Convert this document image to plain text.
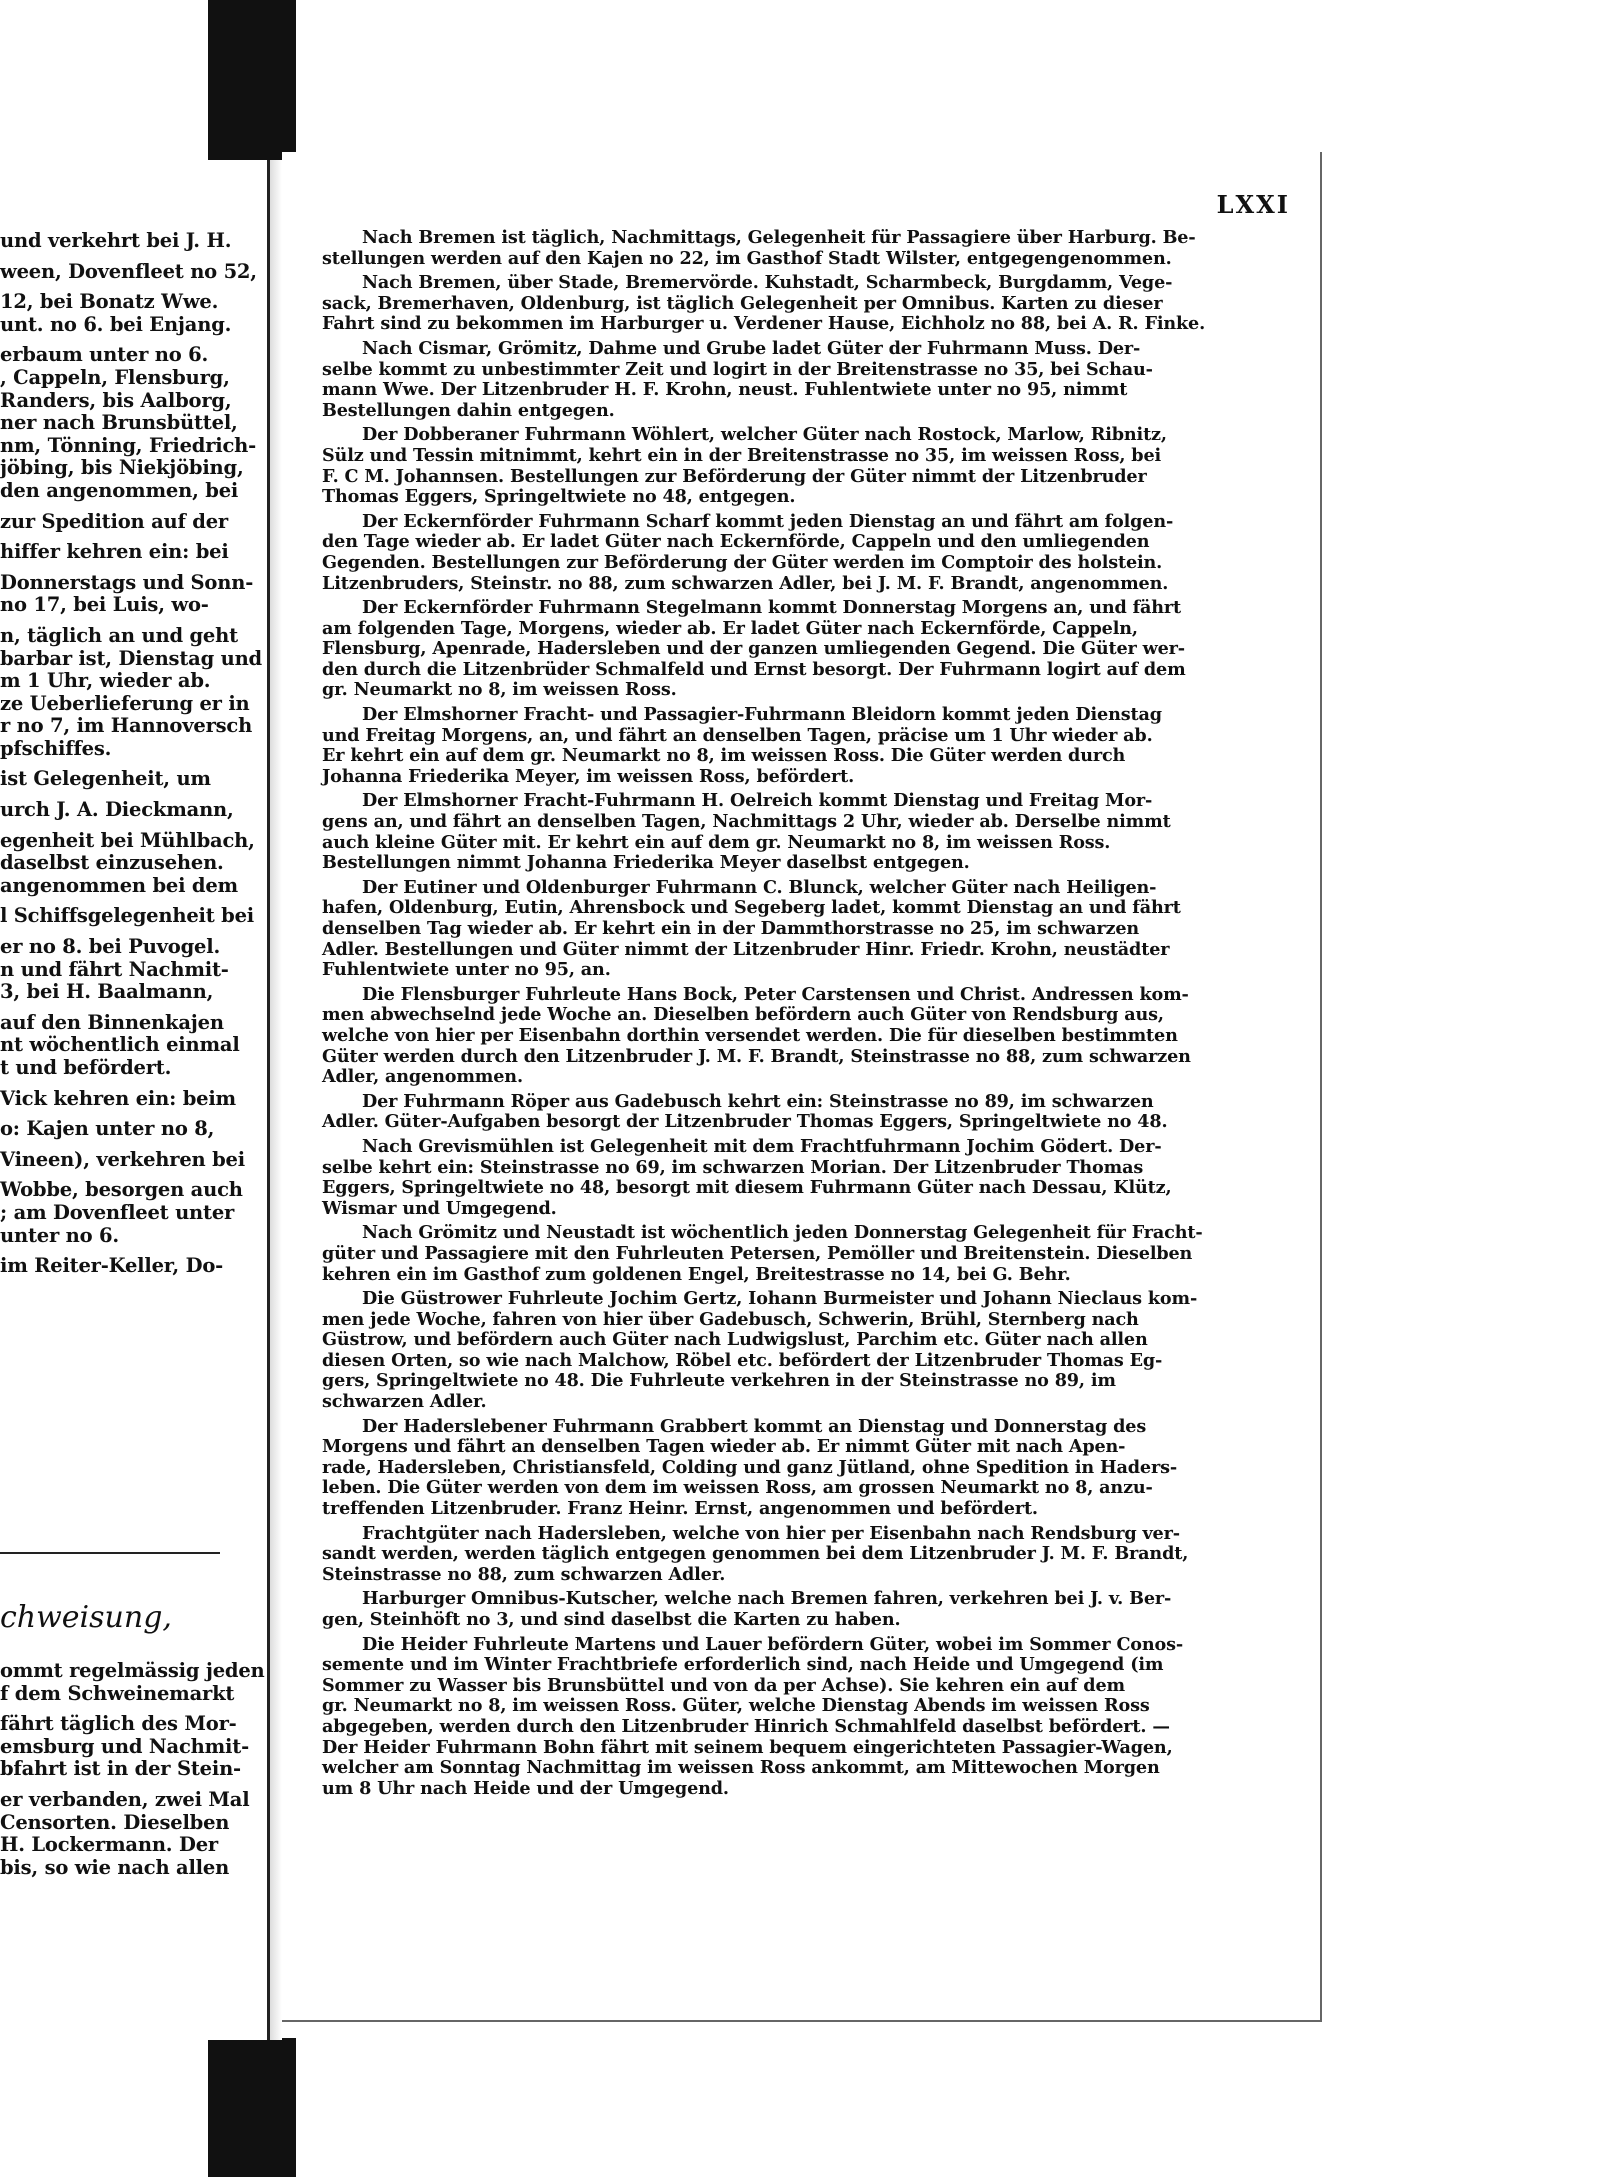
und verkehrt bei J. H.
ween, Dovenfleet no 52,
12, bei Bonatz Wwe.
unt. no 6. bei Enjang.
erbaum unter no 6.
, Cappeln, Flensburg,
Randers, bis Aalborg,
ner nach Brunsbüttel,
nm, Tönning, Friedrich-
jöbing, bis Niekjöbing,
den angenommen, bei
zur Spedition auf der
hiffer kehren ein: bei
Donnerstags und Sonn-
no 17, bei Luis, wo-
n, täglich an und geht
barbar ist, Dienstag und
m 1 Uhr, wieder ab.
ze Ueberlieferung er in
r no 7, im Hannoversch
pfschiffes.
ist Gelegenheit, um
urch J. A. Dieckmann,
egenheit bei Mühlbach,
daselbst einzusehen.
angenommen bei dem
l Schiffsgelegenheit bei
er no 8. bei Puvogel.
n und fährt Nachmit-
3, bei H. Baalmann,
auf den Binnenkajen
nt wöchentlich einmal
t und befördert.
Vick kehren ein: beim
o: Kajen unter no 8,
Vineen), verkehren bei
Wobbe, besorgen auch
; am Dovenfleet unter
unter no 6.
im Reiter-Keller, Do-
chweisung,
ommt regelmässig jeden
f dem Schweinemarkt
fährt täglich des Mor-
emsburg und Nachmit-
bfahrt ist in der Stein-
er verbanden, zwei Mal
Censorten. Dieselben
H. Lockermann. Der
bis, so wie nach allen
LXXI
Nach Bremen ist täglich, Nachmittags, Gelegenheit für Passagiere über Harburg. Be-
stellungen werden auf den Kajen no 22, im Gasthof Stadt Wilster, entgegengenommen.
Nach Bremen, über Stade, Bremervörde. Kuhstadt, Scharmbeck, Burgdamm, Vege-
sack, Bremerhaven, Oldenburg, ist täglich Gelegenheit per Omnibus. Karten zu dieser
Fahrt sind zu bekommen im Harburger u. Verdener Hause, Eichholz no 88, bei A. R. Finke.
Nach Cismar, Grömitz, Dahme und Grube ladet Güter der Fuhrmann Muss. Der-
selbe kommt zu unbestimmter Zeit und logirt in der Breitenstrasse no 35, bei Schau-
mann Wwe. Der Litzenbruder H. F. Krohn, neust. Fuhlentwiete unter no 95, nimmt
Bestellungen dahin entgegen.
Der Dobberaner Fuhrmann Wöhlert, welcher Güter nach Rostock, Marlow, Ribnitz,
Sülz und Tessin mitnimmt, kehrt ein in der Breitenstrasse no 35, im weissen Ross, bei
F. C M. Johannsen. Bestellungen zur Beförderung der Güter nimmt der Litzenbruder
Thomas Eggers, Springeltwiete no 48, entgegen.
Der Eckernförder Fuhrmann Scharf kommt jeden Dienstag an und fährt am folgen-
den Tage wieder ab. Er ladet Güter nach Eckernförde, Cappeln und den umliegenden
Gegenden. Bestellungen zur Beförderung der Güter werden im Comptoir des holstein.
Litzenbruders, Steinstr. no 88, zum schwarzen Adler, bei J. M. F. Brandt, angenommen.
Der Eckernförder Fuhrmann Stegelmann kommt Donnerstag Morgens an, und fährt
am folgenden Tage, Morgens, wieder ab. Er ladet Güter nach Eckernförde, Cappeln,
Flensburg, Apenrade, Hadersleben und der ganzen umliegenden Gegend. Die Güter wer-
den durch die Litzenbrüder Schmalfeld und Ernst besorgt. Der Fuhrmann logirt auf dem
gr. Neumarkt no 8, im weissen Ross.
Der Elmshorner Fracht- und Passagier-Fuhrmann Bleidorn kommt jeden Dienstag
und Freitag Morgens, an, und fährt an denselben Tagen, präcise um 1 Uhr wieder ab.
Er kehrt ein auf dem gr. Neumarkt no 8, im weissen Ross. Die Güter werden durch
Johanna Friederika Meyer, im weissen Ross, befördert.
Der Elmshorner Fracht-Fuhrmann H. Oelreich kommt Dienstag und Freitag Mor-
gens an, und fährt an denselben Tagen, Nachmittags 2 Uhr, wieder ab. Derselbe nimmt
auch kleine Güter mit. Er kehrt ein auf dem gr. Neumarkt no 8, im weissen Ross.
Bestellungen nimmt Johanna Friederika Meyer daselbst entgegen.
Der Eutiner und Oldenburger Fuhrmann C. Blunck, welcher Güter nach Heiligen-
hafen, Oldenburg, Eutin, Ahrensbock und Segeberg ladet, kommt Dienstag an und fährt
denselben Tag wieder ab. Er kehrt ein in der Dammthorstrasse no 25, im schwarzen
Adler. Bestellungen und Güter nimmt der Litzenbruder Hinr. Friedr. Krohn, neustädter
Fuhlentwiete unter no 95, an.
Die Flensburger Fuhrleute Hans Bock, Peter Carstensen und Christ. Andressen kom-
men abwechselnd jede Woche an. Dieselben befördern auch Güter von Rendsburg aus,
welche von hier per Eisenbahn dorthin versendet werden. Die für dieselben bestimmten
Güter werden durch den Litzenbruder J. M. F. Brandt, Steinstrasse no 88, zum schwarzen
Adler, angenommen.
Der Fuhrmann Röper aus Gadebusch kehrt ein: Steinstrasse no 89, im schwarzen
Adler. Güter-Aufgaben besorgt der Litzenbruder Thomas Eggers, Springeltwiete no 48.
Nach Grevismühlen ist Gelegenheit mit dem Frachtfuhrmann Jochim Gödert. Der-
selbe kehrt ein: Steinstrasse no 69, im schwarzen Morian. Der Litzenbruder Thomas
Eggers, Springeltwiete no 48, besorgt mit diesem Fuhrmann Güter nach Dessau, Klütz,
Wismar und Umgegend.
Nach Grömitz und Neustadt ist wöchentlich jeden Donnerstag Gelegenheit für Fracht-
güter und Passagiere mit den Fuhrleuten Petersen, Pemöller und Breitenstein. Dieselben
kehren ein im Gasthof zum goldenen Engel, Breitestrasse no 14, bei G. Behr.
Die Güstrower Fuhrleute Jochim Gertz, Iohann Burmeister und Johann Nieclaus kom-
men jede Woche, fahren von hier über Gadebusch, Schwerin, Brühl, Sternberg nach
Güstrow, und befördern auch Güter nach Ludwigslust, Parchim etc. Güter nach allen
diesen Orten, so wie nach Malchow, Röbel etc. befördert der Litzenbruder Thomas Eg-
gers, Springeltwiete no 48. Die Fuhrleute verkehren in der Steinstrasse no 89, im
schwarzen Adler.
Der Haderslebener Fuhrmann Grabbert kommt an Dienstag und Donnerstag des
Morgens und fährt an denselben Tagen wieder ab. Er nimmt Güter mit nach Apen-
rade, Hadersleben, Christiansfeld, Colding und ganz Jütland, ohne Spedition in Haders-
leben. Die Güter werden von dem im weissen Ross, am grossen Neumarkt no 8, anzu-
treffenden Litzenbruder. Franz Heinr. Ernst, angenommen und befördert.
Frachtgüter nach Hadersleben, welche von hier per Eisenbahn nach Rendsburg ver-
sandt werden, werden täglich entgegen genommen bei dem Litzenbruder J. M. F. Brandt,
Steinstrasse no 88, zum schwarzen Adler.
Harburger Omnibus-Kutscher, welche nach Bremen fahren, verkehren bei J. v. Ber-
gen, Steinhöft no 3, und sind daselbst die Karten zu haben.
Die Heider Fuhrleute Martens und Lauer befördern Güter, wobei im Sommer Conos-
semente und im Winter Frachtbriefe erforderlich sind, nach Heide und Umgegend (im
Sommer zu Wasser bis Brunsbüttel und von da per Achse). Sie kehren ein auf dem
gr. Neumarkt no 8, im weissen Ross. Güter, welche Dienstag Abends im weissen Ross
abgegeben, werden durch den Litzenbruder Hinrich Schmahlfeld daselbst befördert. —
Der Heider Fuhrmann Bohn fährt mit seinem bequem eingerichteten Passagier-Wagen,
welcher am Sonntag Nachmittag im weissen Ross ankommt, am Mittewochen Morgen
um 8 Uhr nach Heide und der Umgegend.
